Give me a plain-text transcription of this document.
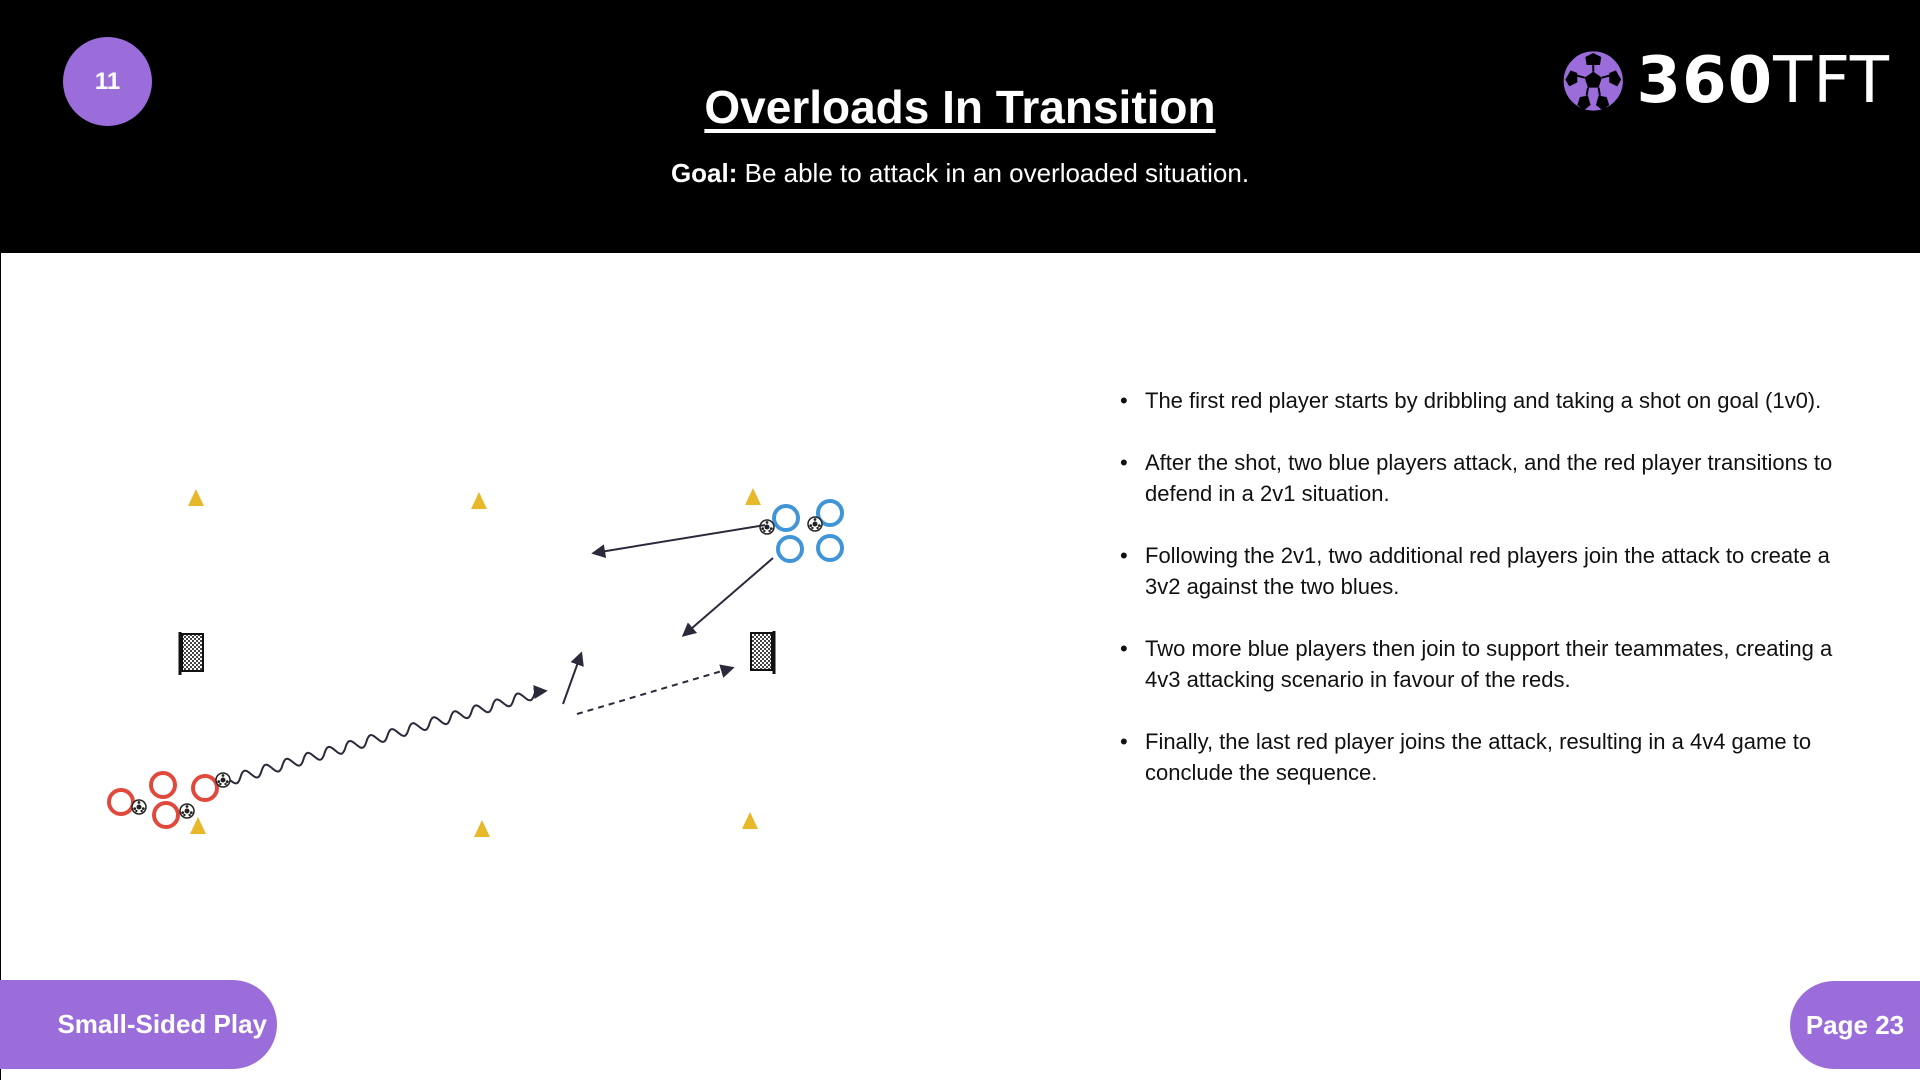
11	Overloads In Transition
Goal: Be able to attack in an overloaded situation.
360TFT
• The first red player starts by dribbling and taking a shot on goal (1v0).
• After the shot, two blue players attack, and the red player transitions to defend in a 2v1 situation.
• Following the 2v1, two additional red players join the attack to create a 3v2 against the two blues.
• Two more blue players then join to support their teammates, creating a 4v3 attacking scenario in favour of the reds.
• Finally, the last red player joins the attack, resulting in a 4v4 game to conclude the sequence.
Small-Sided Play	Page 23
